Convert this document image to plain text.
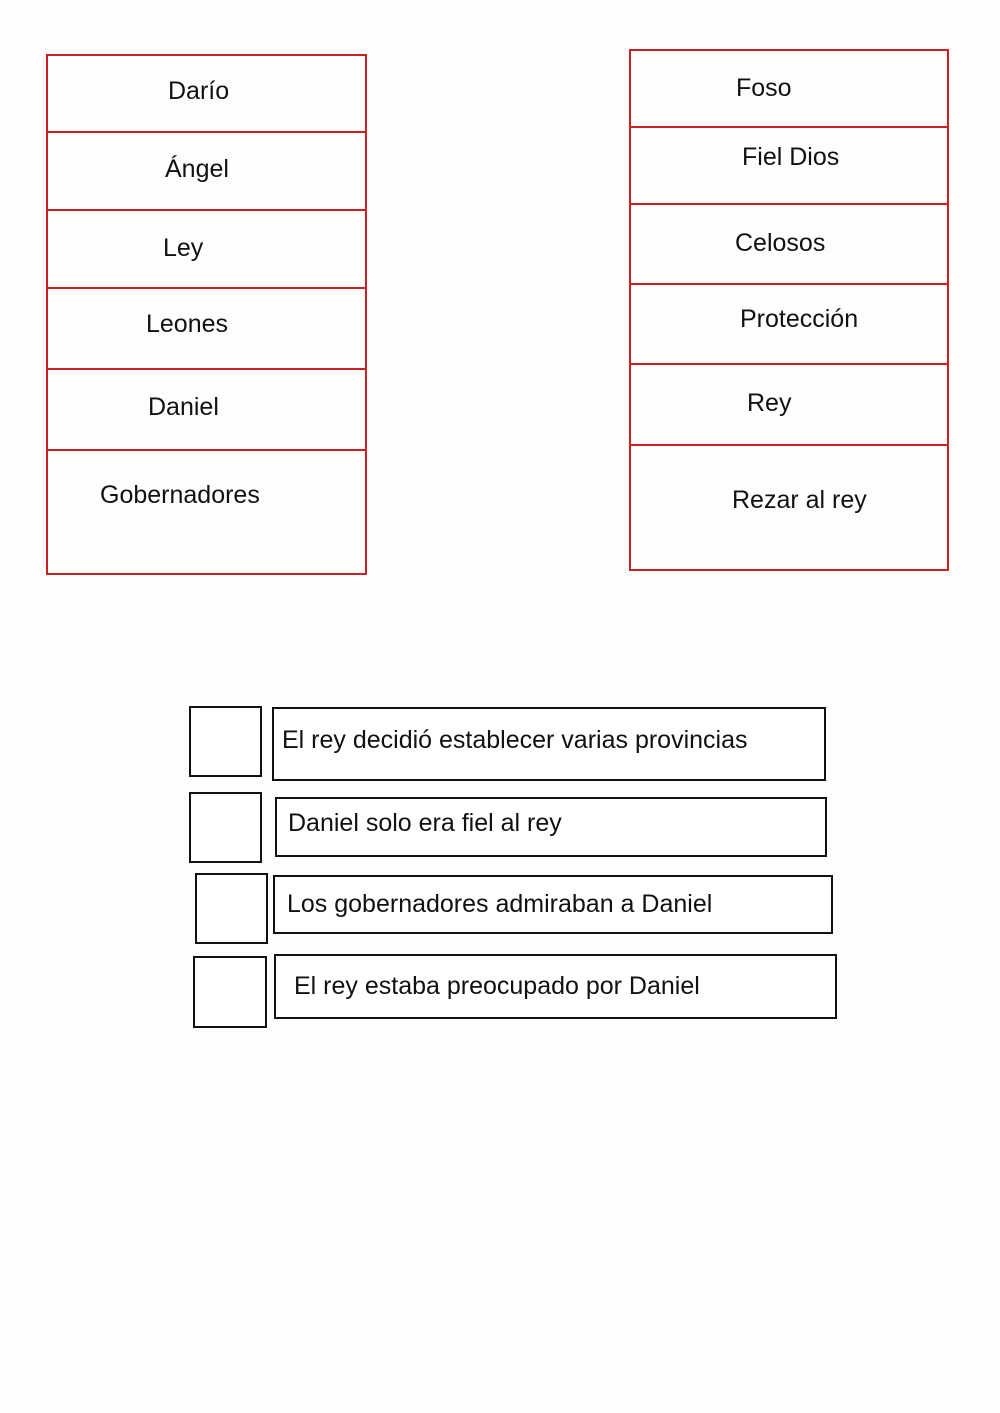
Darío
Ángel
Ley
Leones
Daniel
Gobernadores
Foso
Fiel Dios
Celosos
Protección
Rey
Rezar al rey
El rey decidió establecer varias provincias
Daniel solo era fiel al rey
Los gobernadores admiraban a Daniel
El rey estaba preocupado por Daniel
